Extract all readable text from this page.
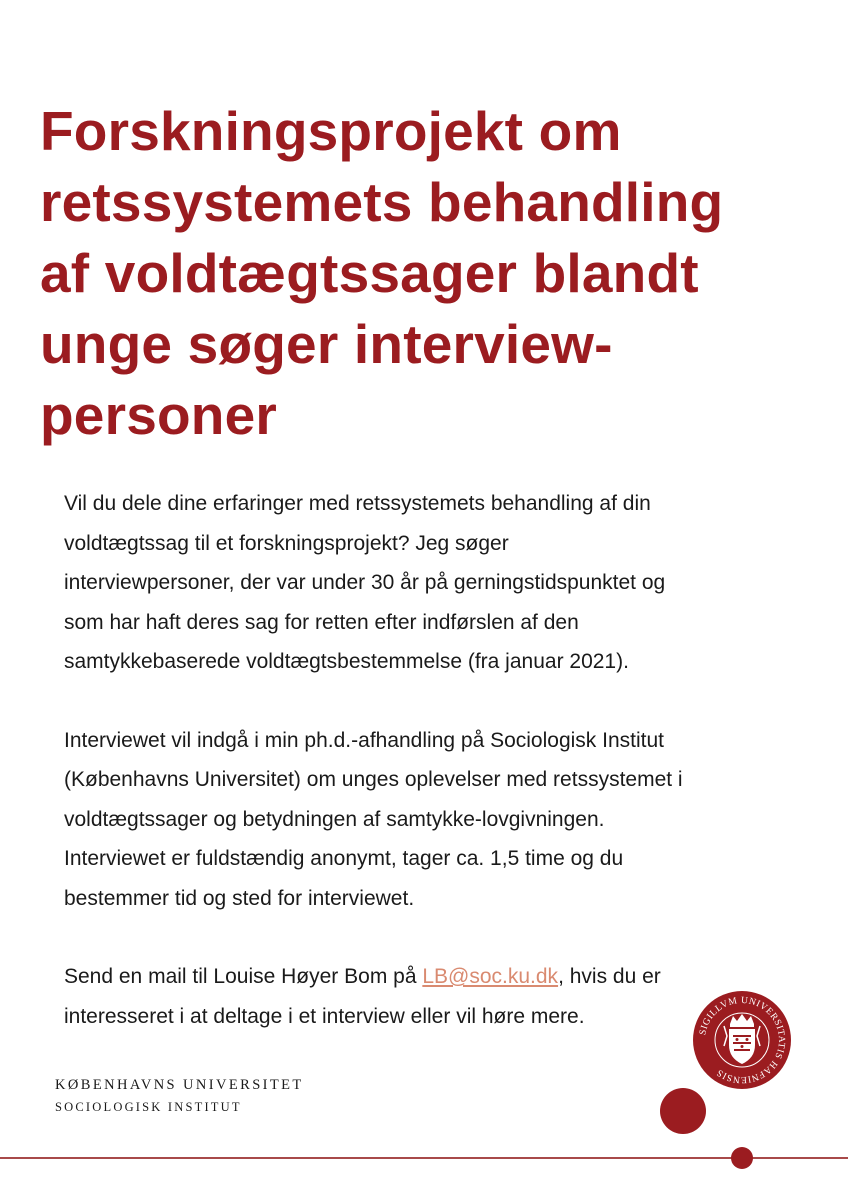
Forskningsprojekt om
retssystemets behandling
af voldtægtssager blandt
unge søger interview-
personer

Vil du dele dine erfaringer med retssystemets behandling af din
voldtægtssag til et forskningsprojekt? Jeg søger
interviewpersoner, der var under 30 år på gerningstidspunktet og
som har haft deres sag for retten efter indførslen af den
samtykkebaserede voldtægtsbestemmelse (fra januar 2021).

Interviewet vil indgå i min ph.d.-afhandling på Sociologisk Institut
(Københavns Universitet) om unges oplevelser med retssystemet i
voldtægtssager og betydningen af samtykke-lovgivningen.
Interviewet er fuldstændig anonymt, tager ca. 1,5 time og du
bestemmer tid og sted for interviewet.

Send en mail til Louise Høyer Bom på LB@soc.ku.dk, hvis du er
interesseret i at deltage i et interview eller vil høre mere.

KØBENHAVNS UNIVERSITET
SOCIOLOGISK INSTITUT
SIGILLVM UNIVERSITATIS HAFNIENSIS
